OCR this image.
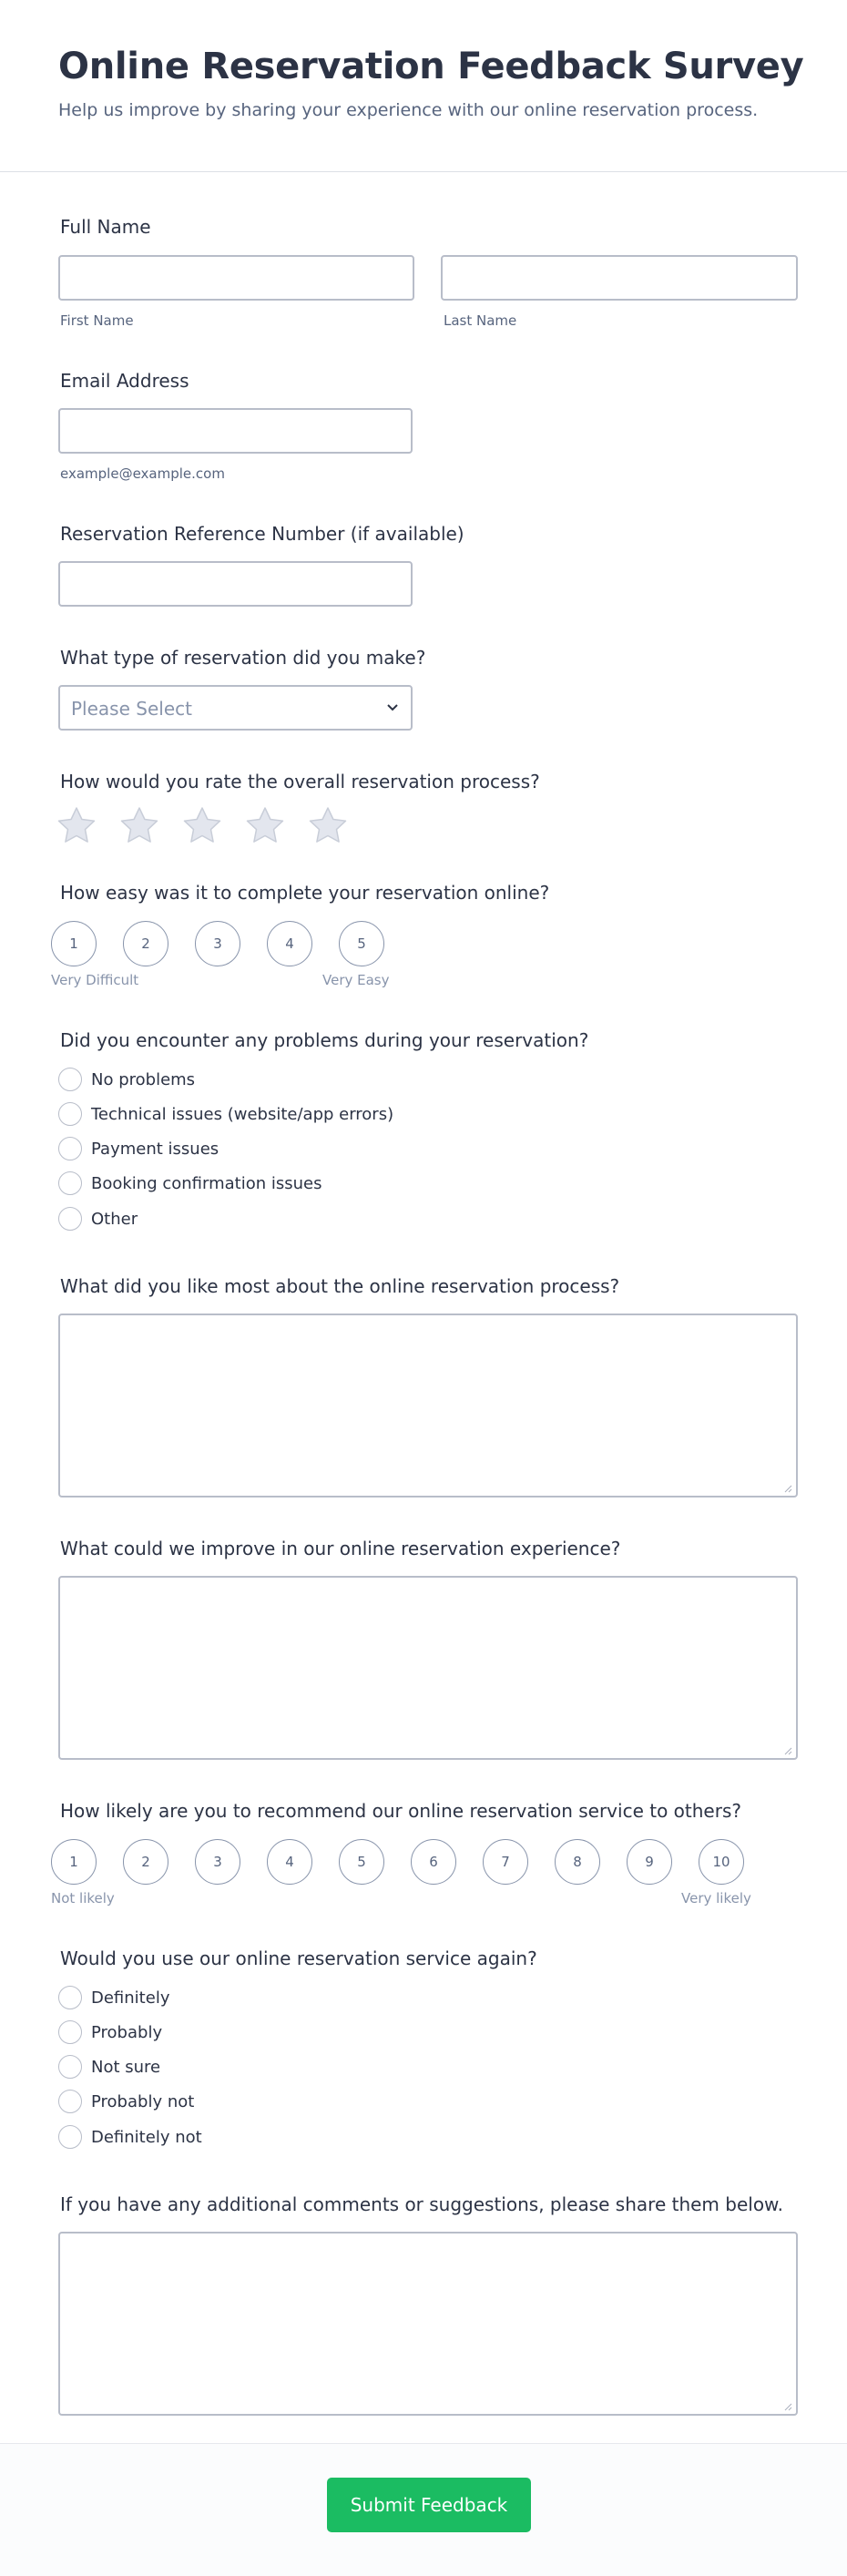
Online Reservation Feedback Survey
Help us improve by sharing your experience with our online reservation process.
Full Name
First Name	Last Name
Email Address
example@example.com
Reservation Reference Number (if available)
What type of reservation did you make?
Please Select
How would you rate the overall reservation process?
How easy was it to complete your reservation online?
1	2	3	4	5
Very Difficult	Very Easy
Did you encounter any problems during your reservation?
No problems
Technical issues (website/app errors)
Payment issues
Booking confirmation issues
Other
What did you like most about the online reservation process?
What could we improve in our online reservation experience?
How likely are you to recommend our online reservation service to others?
1	2	3	4	5	6	7	8	9	10
Not likely	Very likely
Would you use our online reservation service again?
Definitely
Probably
Not sure
Probably not
Definitely not
If you have any additional comments or suggestions, please share them below.
Submit Feedback
